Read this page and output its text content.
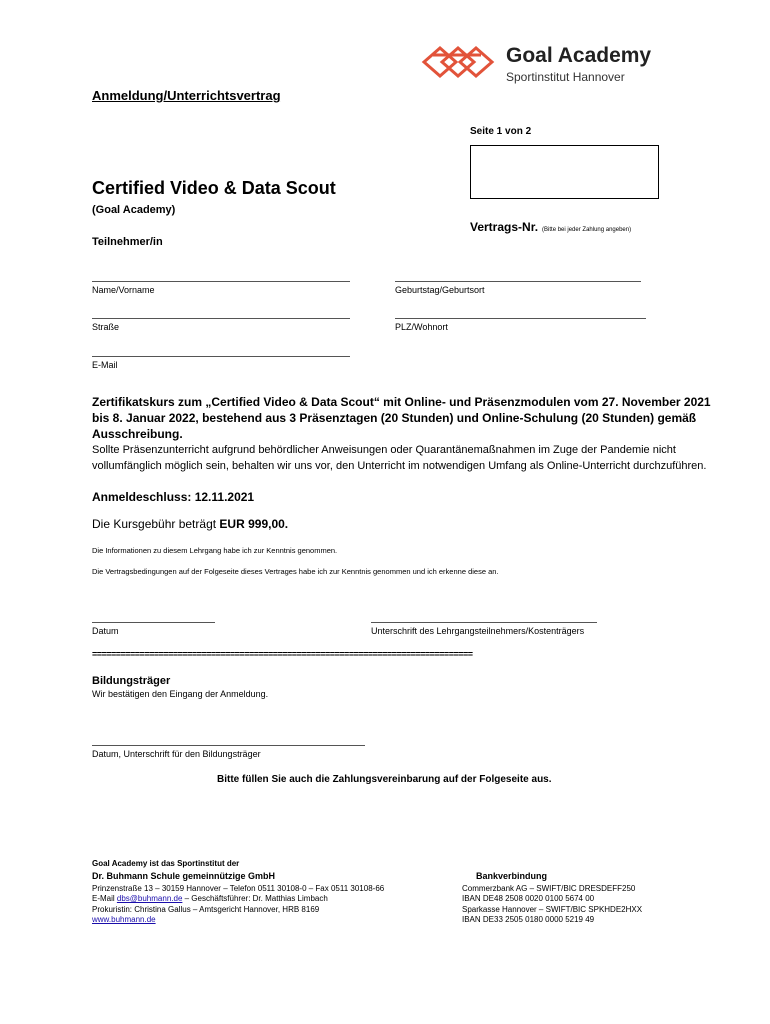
Goal Academy
Sportinstitut Hannover
Anmeldung/Unterrichtsvertrag
Seite 1 von 2
Certified Video & Data Scout
(Goal Academy)
Vertrags-Nr. (Bitte bei jeder Zahlung angeben)
Teilnehmer/in
Name/Vorname	Geburtstag/Geburtsort
Straße	PLZ/Wohnort
E-Mail
Zertifikatskurs zum „Certified Video & Data Scout“ mit Online- und Präsenzmodulen vom 27. November 2021 bis 8. Januar 2022, bestehend aus 3 Präsenztagen (20 Stunden) und Online-Schulung (20 Stunden) gemäß Ausschreibung.
Sollte Präsenzunterricht aufgrund behördlicher Anweisungen oder Quarantänemaßnahmen im Zuge der Pandemie nicht vollumfänglich möglich sein, behalten wir uns vor, den Unterricht im notwendigen Umfang als Online-Unterricht durchzuführen.
Anmeldeschluss: 12.11.2021
Die Kursgebühr beträgt EUR 999,00.
Die Informationen zu diesem Lehrgang habe ich zur Kenntnis genommen.
Die Vertragsbedingungen auf der Folgeseite dieses Vertrages habe ich zur Kenntnis genommen und ich erkenne diese an.
Datum	Unterschrift des Lehrgangsteilnehmers/Kostenträgers
================================================================================
Bildungsträger
Wir bestätigen den Eingang der Anmeldung.
Datum, Unterschrift für den Bildungsträger
Bitte füllen Sie auch die Zahlungsvereinbarung auf der Folgeseite aus.
Goal Academy ist das Sportinstitut der
Dr. Buhmann Schule gemeinnützige GmbH
Prinzenstraße 13 – 30159 Hannover – Telefon 0511 30108-0 – Fax 0511 30108-66
E-Mail dbs@buhmann.de – Geschäftsführer: Dr. Matthias Limbach
Prokuristin: Christina Gallus – Amtsgericht Hannover, HRB 8169
www.buhmann.de
Bankverbindung
Commerzbank AG – SWIFT/BIC DRESDEFF250
IBAN DE48 2508 0020 0100 5674 00
Sparkasse Hannover – SWIFT/BIC SPKHDE2HXX
IBAN DE33 2505 0180 0000 5219 49
